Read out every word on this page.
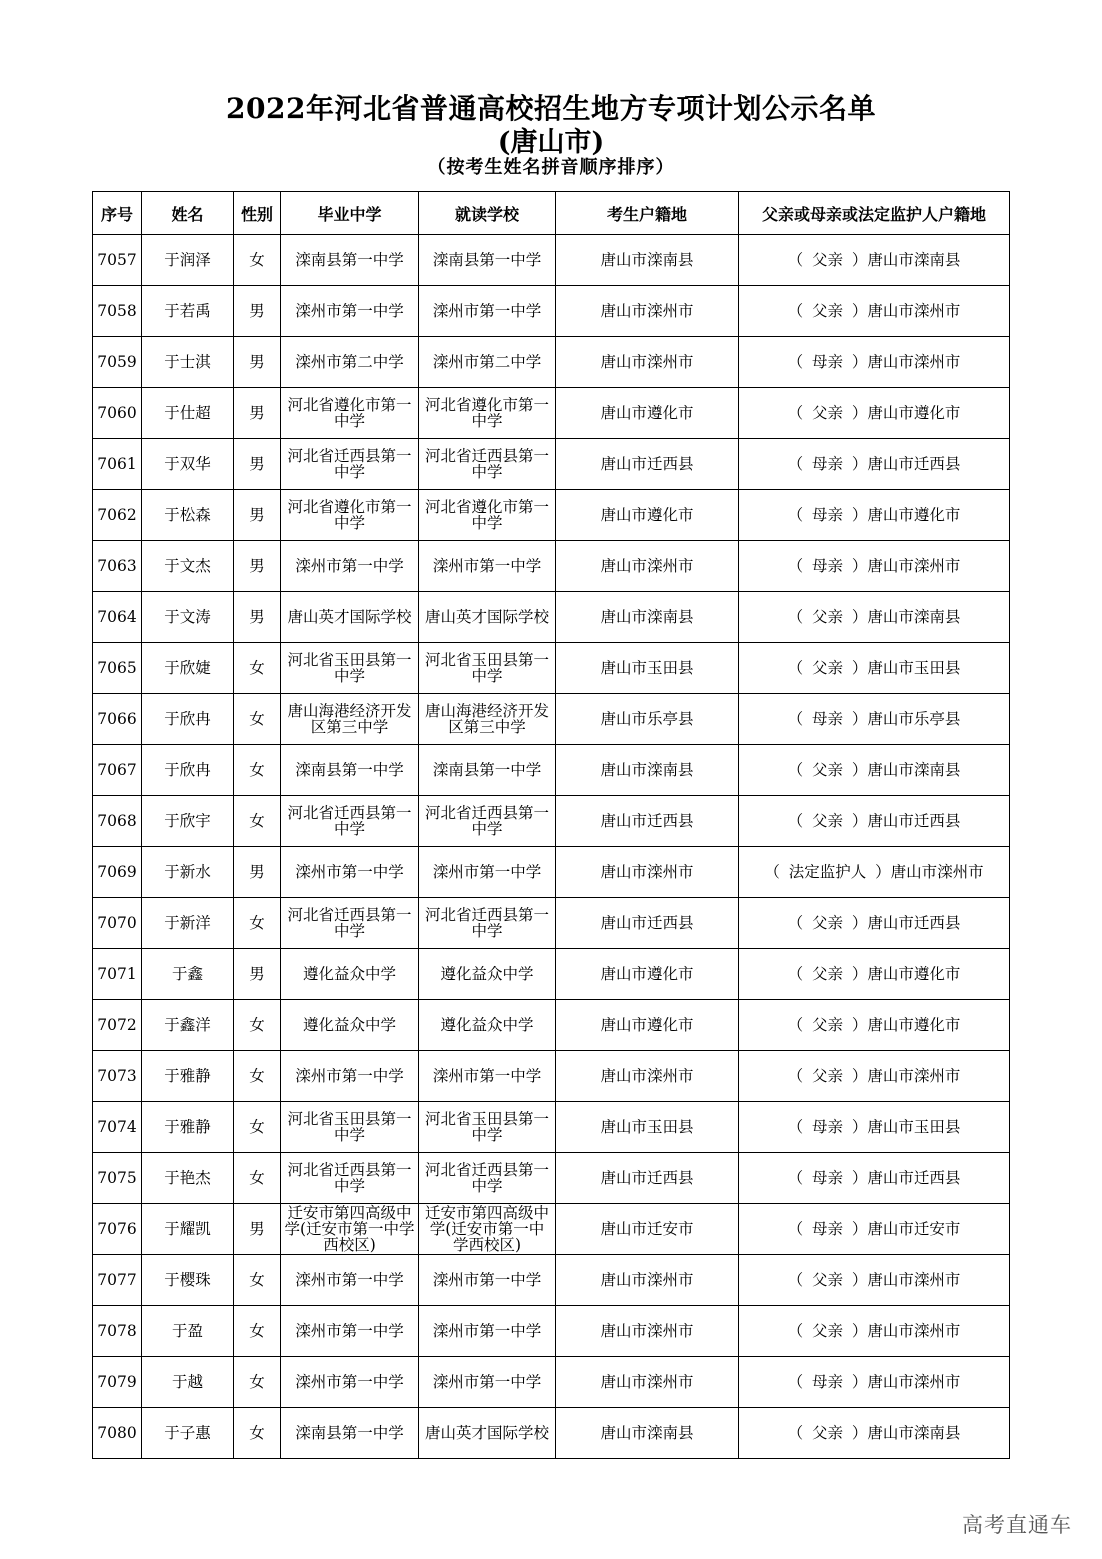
2022年河北省普通高校招生地方专项计划公示名单
(唐山市)
（按考生姓名拼音顺序排序）
序号	姓名	性别	毕业中学	就读学校	考生户籍地	父亲或母亲或法定监护人户籍地
7057	于润泽	女	滦南县第一中学	滦南县第一中学	唐山市滦南县	（ 父亲 ）唐山市滦南县
7058	于若禹	男	滦州市第一中学	滦州市第一中学	唐山市滦州市	（ 父亲 ）唐山市滦州市
7059	于士淇	男	滦州市第二中学	滦州市第二中学	唐山市滦州市	（ 母亲 ）唐山市滦州市
7060	于仕超	男	河北省遵化市第一中学	河北省遵化市第一中学	唐山市遵化市	（ 父亲 ）唐山市遵化市
7061	于双华	男	河北省迁西县第一中学	河北省迁西县第一中学	唐山市迁西县	（ 母亲 ）唐山市迁西县
7062	于松森	男	河北省遵化市第一中学	河北省遵化市第一中学	唐山市遵化市	（ 母亲 ）唐山市遵化市
7063	于文杰	男	滦州市第一中学	滦州市第一中学	唐山市滦州市	（ 母亲 ）唐山市滦州市
7064	于文涛	男	唐山英才国际学校	唐山英才国际学校	唐山市滦南县	（ 父亲 ）唐山市滦南县
7065	于欣婕	女	河北省玉田县第一中学	河北省玉田县第一中学	唐山市玉田县	（ 父亲 ）唐山市玉田县
7066	于欣冉	女	唐山海港经济开发区第三中学	唐山海港经济开发区第三中学	唐山市乐亭县	（ 母亲 ）唐山市乐亭县
7067	于欣冉	女	滦南县第一中学	滦南县第一中学	唐山市滦南县	（ 父亲 ）唐山市滦南县
7068	于欣宇	女	河北省迁西县第一中学	河北省迁西县第一中学	唐山市迁西县	（ 父亲 ）唐山市迁西县
7069	于新水	男	滦州市第一中学	滦州市第一中学	唐山市滦州市	（ 法定监护人 ）唐山市滦州市
7070	于新洋	女	河北省迁西县第一中学	河北省迁西县第一中学	唐山市迁西县	（ 父亲 ）唐山市迁西县
7071	于鑫	男	遵化益众中学	遵化益众中学	唐山市遵化市	（ 父亲 ）唐山市遵化市
7072	于鑫洋	女	遵化益众中学	遵化益众中学	唐山市遵化市	（ 父亲 ）唐山市遵化市
7073	于雅静	女	滦州市第一中学	滦州市第一中学	唐山市滦州市	（ 父亲 ）唐山市滦州市
7074	于雅静	女	河北省玉田县第一中学	河北省玉田县第一中学	唐山市玉田县	（ 母亲 ）唐山市玉田县
7075	于艳杰	女	河北省迁西县第一中学	河北省迁西县第一中学	唐山市迁西县	（ 母亲 ）唐山市迁西县
7076	于耀凯	男	迁安市第四高级中学(迁安市第一中学西校区)	迁安市第四高级中学(迁安市第一中学西校区)	唐山市迁安市	（ 母亲 ）唐山市迁安市
7077	于樱珠	女	滦州市第一中学	滦州市第一中学	唐山市滦州市	（ 父亲 ）唐山市滦州市
7078	于盈	女	滦州市第一中学	滦州市第一中学	唐山市滦州市	（ 父亲 ）唐山市滦州市
7079	于越	女	滦州市第一中学	滦州市第一中学	唐山市滦州市	（ 母亲 ）唐山市滦州市
7080	于子惠	女	滦南县第一中学	唐山英才国际学校	唐山市滦南县	（ 父亲 ）唐山市滦南县
高考直通车
